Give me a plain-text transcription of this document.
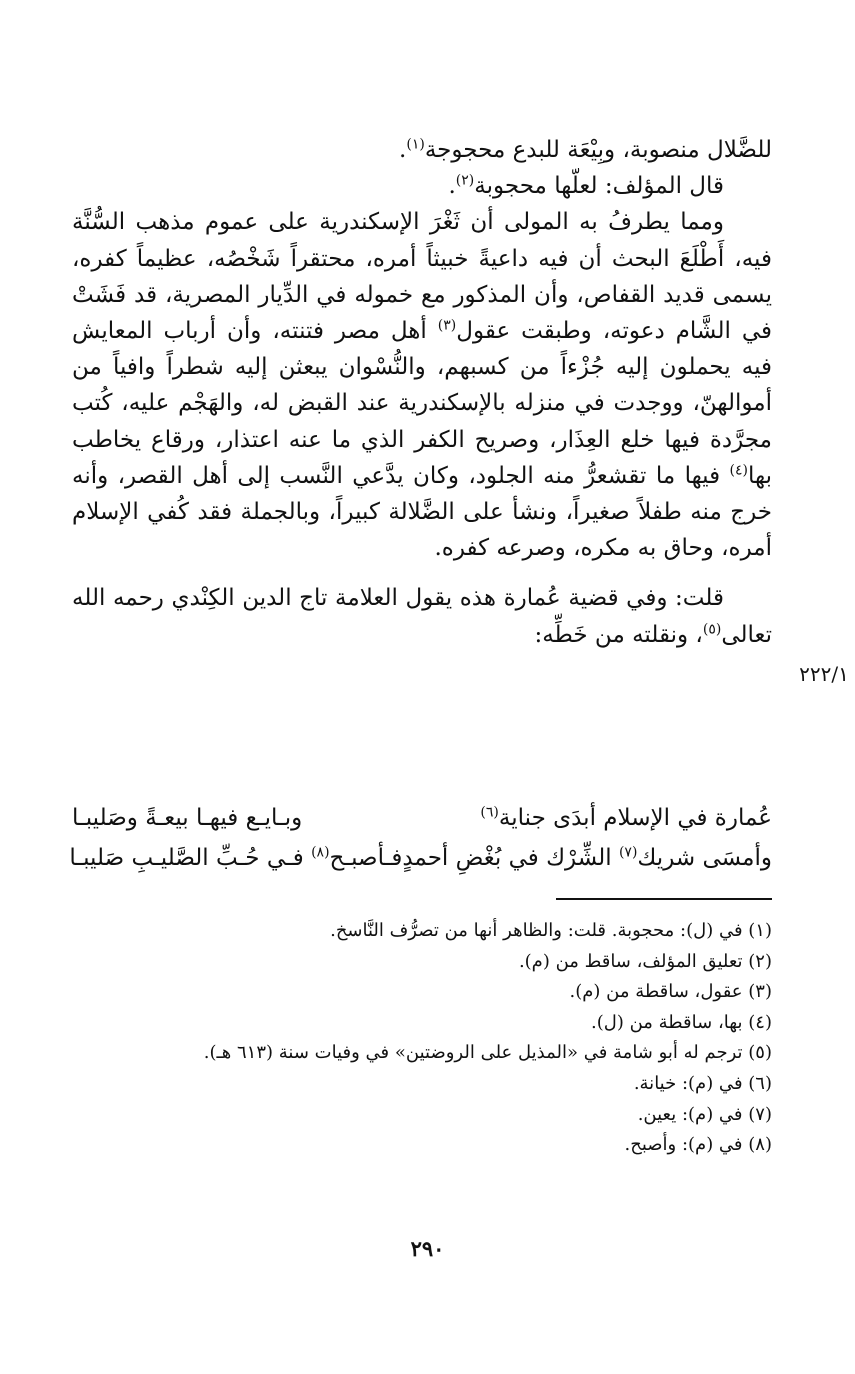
للضَّلال منصوبة، وبِيْعَة للبدع محجوجة$^{(١)}$.

قال المؤلف: لعلّها محجوبة$^{(٢)}$.

ومما يطرفُ به المولى أن ثَغْرَ الإسكندرية على عموم مذهب السُّنَّة فيه، أَطْلَعَ البحث أن فيه داعيةً خبيثاً أمره، محتقراً شَخْصُه، عظيماً كفره، يسمى قديد القفاص، وأن المذكور مع خموله في الدِّيار المصرية، قد فَشَتْ في الشَّام دعوته، وطبقت عقول$^{(٣)}$ أهل مصر فتنته، وأن أرباب المعايش فيه يحملون إليه جُزْءاً من كسبهم، والنُّسْوان يبعثن إليه شطراً وافياً من أموالهنّ، ووجدت في منزله بالإسكندرية عند القبض له، والهَجْم عليه، كُتب مجرَّدة فيها خلع العِذَار، وصريح الكفر الذي ما عنه اعتذار، ورقاع يخاطب بها$^{(٤)}$ فيها ما تقشعرُّ منه الجلود، وكان يدَّعي النَّسب إلى أهل القصر، وأنه خرج منه طفلاً صغيراً، ونشأ على الضَّلالة كبيراً، وبالجملة فقد كُفي الإسلام أمره، وحاق به مكره، وصرعه كفره.

قلت: وفي قضية عُمارة هذه يقول العلامة تاج الدين الكِنْدي رحمه الله تعالى$^{(٥)}$، ونقلته من خَطِّه:

٢٢٢/١
عُمارة في الإسلام أبدَى جناية$^{(٦)}$
وبـايـع فيهـا بيعـةً وصَليبـا
وأمسَى شريك$^{(٧)}$ الشِّرْك في بُغْضِ أحمدٍ
فـأصبـح$^{(٨)}$ فـي حُـبِّ الصَّليـبِ صَليبـا
(١) في (ل): محجوبة. قلت: والظاهر أنها من تصرُّف النَّاسخ.
(٢) تعليق المؤلف، ساقط من (م).
(٣) عقول، ساقطة من (م).
(٤) بها، ساقطة من (ل).
(٥) ترجم له أبو شامة في «المذيل على الروضتين» في وفيات سنة (٦١٣ هـ).
(٦) في (م): خيانة.
(٧) في (م): يعين.
(٨) في (م): وأصبح.
٢٩٠
